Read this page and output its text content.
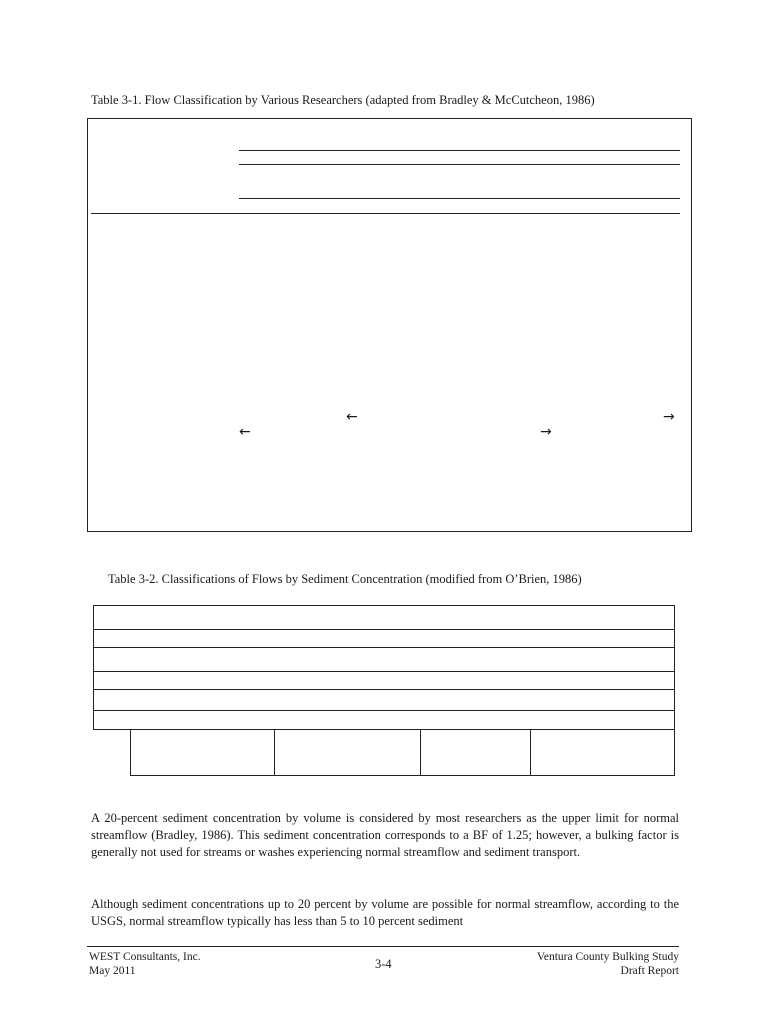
Table 3-1. Flow Classification by Various Researchers (adapted from Bradley & McCutcheon, 1986)
←	→
←	→
Table 3-2. Classifications of Flows by Sediment Concentration (modified from O’Brien, 1986)
A 20-percent sediment concentration by volume is considered by most researchers as the upper limit for normal streamflow (Bradley, 1986). This sediment concentration corresponds to a BF of 1.25; however, a bulking factor is generally not used for streams or washes experiencing normal streamflow and sediment transport.
Although sediment concentrations up to 20 percent by volume are possible for normal streamflow, according to the USGS, normal streamflow typically has less than 5 to 10 percent sediment
WEST Consultants, Inc.
May 2011	3-4	Ventura County Bulking Study
Draft Report
